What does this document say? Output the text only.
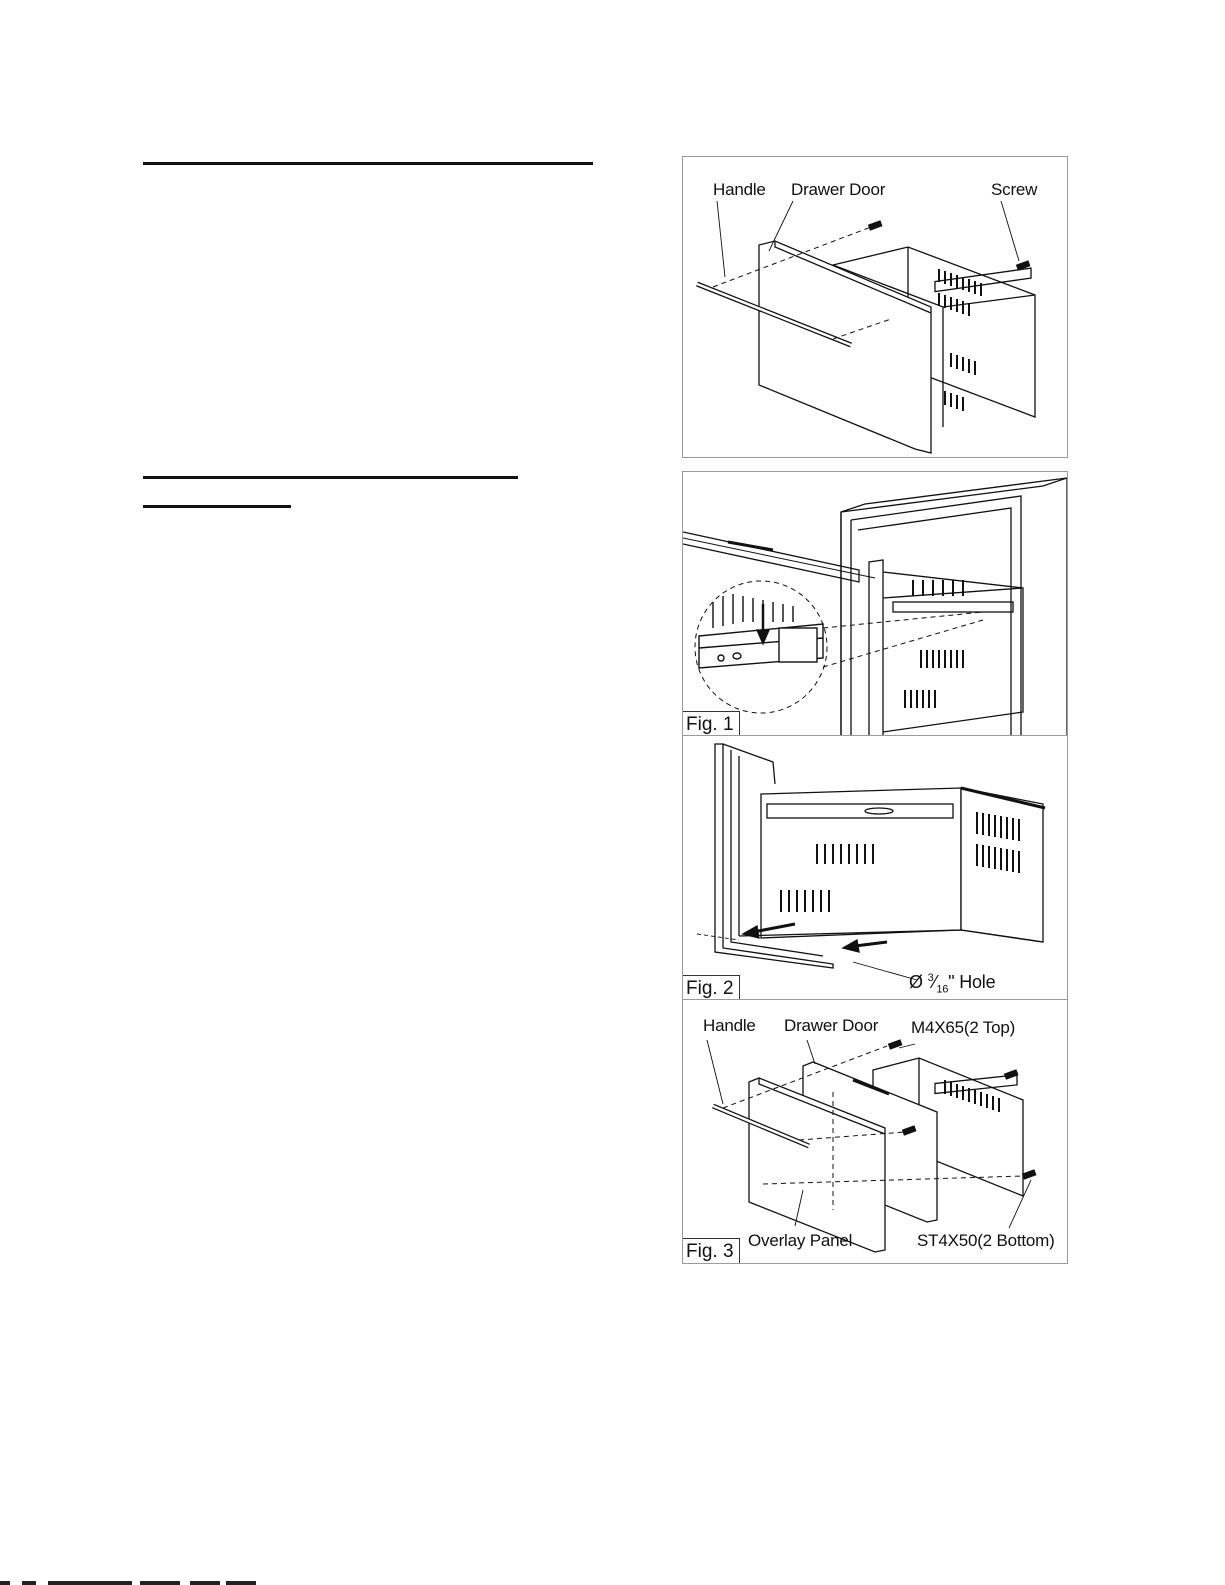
Handle Drawer Door	Screw
Fig. 1
Ø $^3⁄_{16}$" Hole
Fig. 2
Handle Drawer Door M4X65(2 Top)
Overlay Panel	ST4X50(2 Bottom)
Fig. 3
